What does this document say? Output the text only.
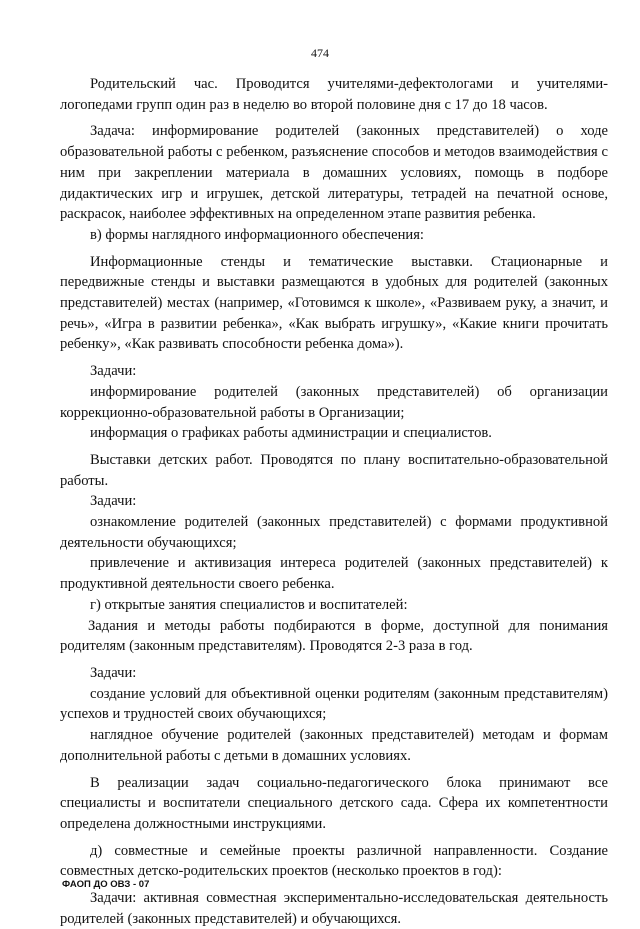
474

Родительский час. Проводится учителями-дефектологами и учителями-логопедами групп один раз в неделю во второй половине дня с 17 до 18 часов.

Задача: информирование родителей (законных представителей) о ходе образовательной работы с ребенком, разъяснение способов и методов взаимодействия с ним при закреплении материала в домашних условиях, помощь в подборе дидактических игр и игрушек, детской литературы, тетрадей на печатной основе, раскрасок, наиболее эффективных на определенном этапе развития ребенка.

в) формы наглядного информационного обеспечения:

Информационные стенды и тематические выставки. Стационарные и передвижные стенды и выставки размещаются в удобных для родителей (законных представителей) местах (например, «Готовимся к школе», «Развиваем руку, а значит, и речь», «Игра в развитии ребенка», «Как выбрать игрушку», «Какие книги прочитать ребенку», «Как развивать способности ребенка дома»).

Задачи:

информирование родителей (законных представителей) об организации коррекционно-образовательной работы в Организации;

информация о графиках работы администрации и специалистов.

Выставки детских работ. Проводятся по плану воспитательно-образовательной работы.

Задачи:

ознакомление родителей (законных представителей) с формами продуктивной деятельности обучающихся;

привлечение и активизация интереса родителей (законных представителей) к продуктивной деятельности своего ребенка.

г) открытые занятия специалистов и воспитателей:

Задания и методы работы подбираются в форме, доступной для понимания родителям (законным представителям). Проводятся 2-3 раза в год.

Задачи:

создание условий для объективной оценки родителям (законным представителям) успехов и трудностей своих обучающихся;

наглядное обучение родителей (законных представителей) методам и формам дополнительной работы с детьми в домашних условиях.

В реализации задач социально-педагогического блока принимают все специалисты и воспитатели специального детского сада. Сфера их компетентности определена должностными инструкциями.

д) совместные и семейные проекты различной направленности. Создание совместных детско-родительских проектов (несколько проектов в год):

Задачи: активная совместная экспериментально-исследовательская деятельность родителей (законных представителей) и обучающихся.

ФАОП ДО ОВЗ - 07
